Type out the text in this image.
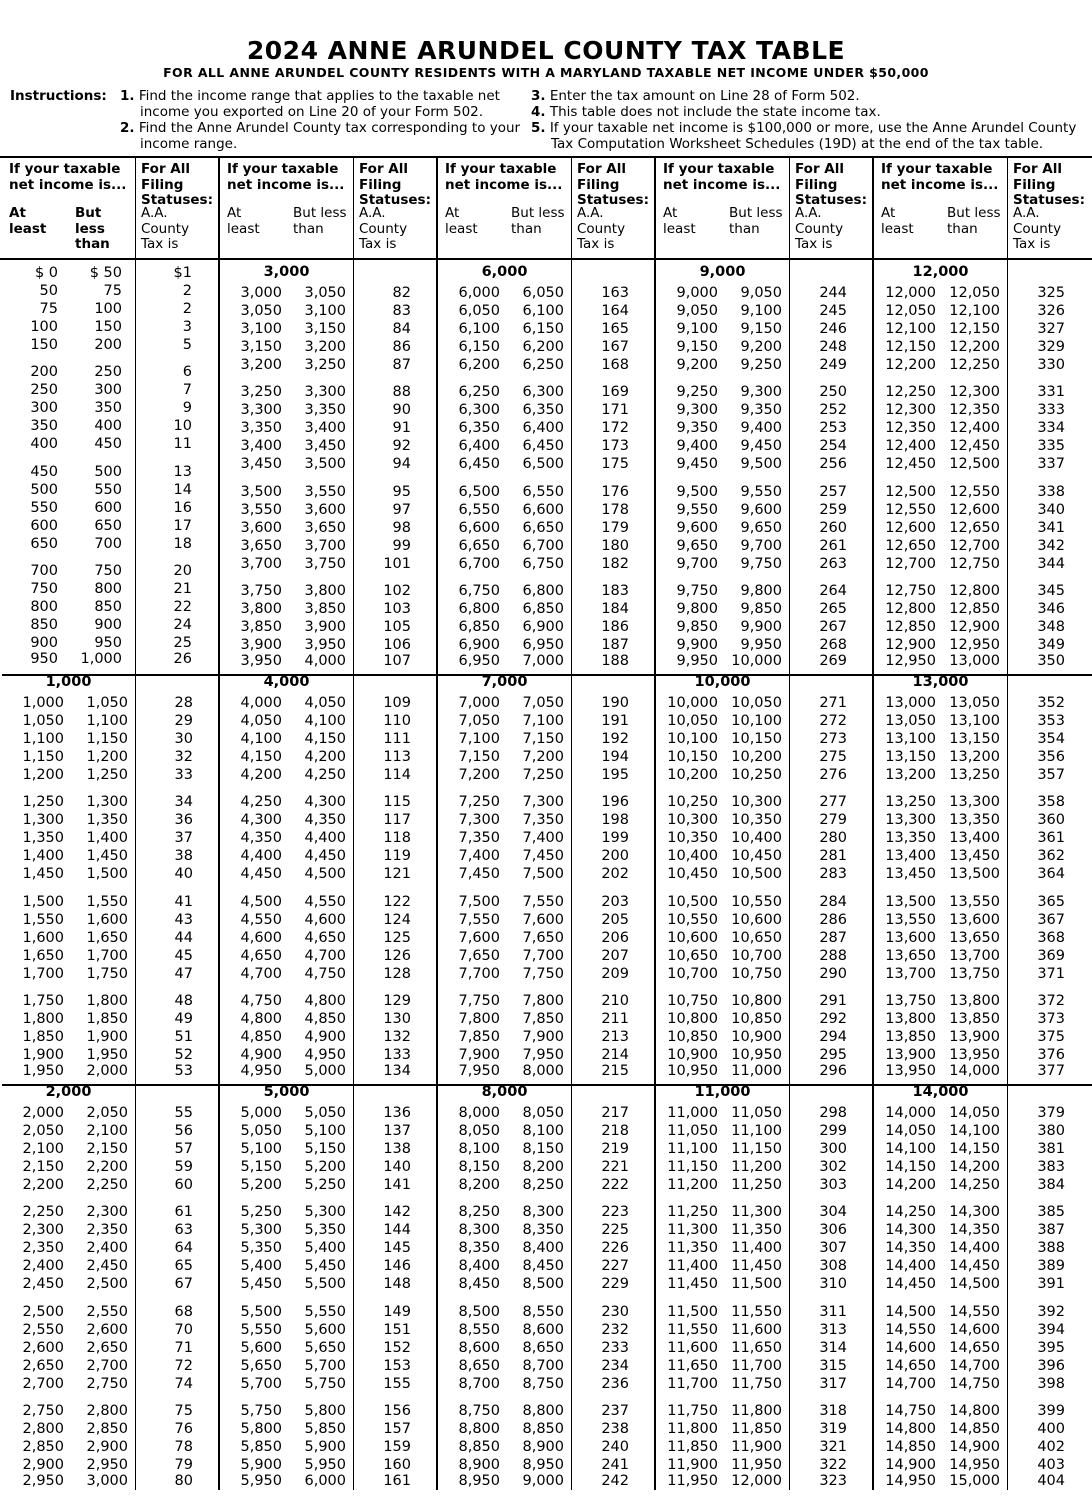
2024 ANNE ARUNDEL COUNTY TAX TABLE
FOR ALL ANNE ARUNDEL COUNTY RESIDENTS WITH A MARYLAND TAXABLE NET INCOME UNDER $50,000
Instructions: 1. Find the income range that applies to the taxable net income you exported on Line 20 of your Form 502.
2. Find the Anne Arundel County tax corresponding to your income range.
3. Enter the tax amount on Line 28 of Form 502.
4. This table does not include the state income tax.
5. If your taxable net income is $100,000 or more, use the Anne Arundel County Tax Computation Worksheet Schedules (19D) at the end of the tax table.
If your taxable net income is...
For All Filing Statuses:
At least
But less than
A.A. County Tax is
If your taxable net income is...
For All Filing Statuses:
At least
But less than
A.A. County Tax is
If your taxable net income is...
For All Filing Statuses:
At least
But less than
A.A. County Tax is
If your taxable net income is...
For All Filing Statuses:
At least
But less than
A.A. County Tax is
If your taxable net income is...
For All Filing Statuses:
At least
But less than
A.A. County Tax is
$ 0	$ 50	$1
50	75	2
75	100	2
100	150	3
150	200	5
200	250	6
250	300	7
300	350	9
350	400	10
400	450	11
450	500	13
500	550	14
550	600	16
600	650	17
650	700	18
700	750	20
750	800	21
800	850	22
850	900	24
900	950	25
950	1,000	26
3,000
3,000	3,050	82
3,050	3,100	83
3,100	3,150	84
3,150	3,200	86
3,200	3,250	87
3,250	3,300	88
3,300	3,350	90
3,350	3,400	91
3,400	3,450	92
3,450	3,500	94
3,500	3,550	95
3,550	3,600	97
3,600	3,650	98
3,650	3,700	99
3,700	3,750	101
3,750	3,800	102
3,800	3,850	103
3,850	3,900	105
3,900	3,950	106
3,950	4,000	107
6,000
6,000	6,050	163
6,050	6,100	164
6,100	6,150	165
6,150	6,200	167
6,200	6,250	168
6,250	6,300	169
6,300	6,350	171
6,350	6,400	172
6,400	6,450	173
6,450	6,500	175
6,500	6,550	176
6,550	6,600	178
6,600	6,650	179
6,650	6,700	180
6,700	6,750	182
6,750	6,800	183
6,800	6,850	184
6,850	6,900	186
6,900	6,950	187
6,950	7,000	188
9,000
9,000	9,050	244
9,050	9,100	245
9,100	9,150	246
9,150	9,200	248
9,200	9,250	249
9,250	9,300	250
9,300	9,350	252
9,350	9,400	253
9,400	9,450	254
9,450	9,500	256
9,500	9,550	257
9,550	9,600	259
9,600	9,650	260
9,650	9,700	261
9,700	9,750	263
9,750	9,800	264
9,800	9,850	265
9,850	9,900	267
9,900	9,950	268
9,950 10,000	269
12,000
12,000 12,050	325
12,050 12,100	326
12,100 12,150	327
12,150 12,200	329
12,200 12,250	330
12,250 12,300	331
12,300 12,350	333
12,350 12,400	334
12,400 12,450	335
12,450 12,500	337
12,500 12,550	338
12,550 12,600	340
12,600 12,650	341
12,650 12,700	342
12,700 12,750	344
12,750 12,800	345
12,800 12,850	346
12,850 12,900	348
12,900 12,950	349
12,950 13,000	350
1,000
1,000	1,050	28
1,050	1,100	29
1,100	1,150	30
1,150	1,200	32
1,200	1,250	33
1,250	1,300	34
1,300	1,350	36
1,350	1,400	37
1,400	1,450	38
1,450	1,500	40
1,500	1,550	41
1,550	1,600	43
1,600	1,650	44
1,650	1,700	45
1,700	1,750	47
1,750	1,800	48
1,800	1,850	49
1,850	1,900	51
1,900	1,950	52
1,950	2,000	53
4,000
4,000	4,050	109
4,050	4,100	110
4,100	4,150	111
4,150	4,200	113
4,200	4,250	114
4,250	4,300	115
4,300	4,350	117
4,350	4,400	118
4,400	4,450	119
4,450	4,500	121
4,500	4,550	122
4,550	4,600	124
4,600	4,650	125
4,650	4,700	126
4,700	4,750	128
4,750	4,800	129
4,800	4,850	130
4,850	4,900	132
4,900	4,950	133
4,950	5,000	134
7,000
7,000	7,050	190
7,050	7,100	191
7,100	7,150	192
7,150	7,200	194
7,200	7,250	195
7,250	7,300	196
7,300	7,350	198
7,350	7,400	199
7,400	7,450	200
7,450	7,500	202
7,500	7,550	203
7,550	7,600	205
7,600	7,650	206
7,650	7,700	207
7,700	7,750	209
7,750	7,800	210
7,800	7,850	211
7,850	7,900	213
7,900	7,950	214
7,950	8,000	215
10,000
10,000 10,050	271
10,050 10,100	272
10,100 10,150	273
10,150 10,200	275
10,200 10,250	276
10,250 10,300	277
10,300 10,350	279
10,350 10,400	280
10,400 10,450	281
10,450 10,500	283
10,500 10,550	284
10,550 10,600	286
10,600 10,650	287
10,650 10,700	288
10,700 10,750	290
10,750 10,800	291
10,800 10,850	292
10,850 10,900	294
10,900 10,950	295
10,950 11,000	296
13,000
13,000 13,050	352
13,050 13,100	353
13,100 13,150	354
13,150 13,200	356
13,200 13,250	357
13,250 13,300	358
13,300 13,350	360
13,350 13,400	361
13,400 13,450	362
13,450 13,500	364
13,500 13,550	365
13,550 13,600	367
13,600 13,650	368
13,650 13,700	369
13,700 13,750	371
13,750 13,800	372
13,800 13,850	373
13,850 13,900	375
13,900 13,950	376
13,950 14,000	377
2,000
2,000	2,050	55
2,050	2,100	56
2,100	2,150	57
2,150	2,200	59
2,200	2,250	60
2,250	2,300	61
2,300	2,350	63
2,350	2,400	64
2,400	2,450	65
2,450	2,500	67
2,500	2,550	68
2,550	2,600	70
2,600	2,650	71
2,650	2,700	72
2,700	2,750	74
2,750	2,800	75
2,800	2,850	76
2,850	2,900	78
2,900	2,950	79
2,950	3,000	80
5,000
5,000	5,050	136
5,050	5,100	137
5,100	5,150	138
5,150	5,200	140
5,200	5,250	141
5,250	5,300	142
5,300	5,350	144
5,350	5,400	145
5,400	5,450	146
5,450	5,500	148
5,500	5,550	149
5,550	5,600	151
5,600	5,650	152
5,650	5,700	153
5,700	5,750	155
5,750	5,800	156
5,800	5,850	157
5,850	5,900	159
5,900	5,950	160
5,950	6,000	161
8,000
8,000	8,050	217
8,050	8,100	218
8,100	8,150	219
8,150	8,200	221
8,200	8,250	222
8,250	8,300	223
8,300	8,350	225
8,350	8,400	226
8,400	8,450	227
8,450	8,500	229
8,500	8,550	230
8,550	8,600	232
8,600	8,650	233
8,650	8,700	234
8,700	8,750	236
8,750	8,800	237
8,800	8,850	238
8,850	8,900	240
8,900	8,950	241
8,950	9,000	242
11,000
11,000 11,050	298
11,050 11,100	299
11,100 11,150	300
11,150 11,200	302
11,200 11,250	303
11,250 11,300	304
11,300 11,350	306
11,350 11,400	307
11,400 11,450	308
11,450 11,500	310
11,500 11,550	311
11,550 11,600	313
11,600 11,650	314
11,650 11,700	315
11,700 11,750	317
11,750 11,800	318
11,800 11,850	319
11,850 11,900	321
11,900 11,950	322
11,950 12,000	323
14,000
14,000 14,050	379
14,050 14,100	380
14,100 14,150	381
14,150 14,200	383
14,200 14,250	384
14,250 14,300	385
14,300 14,350	387
14,350 14,400	388
14,400 14,450	389
14,450 14,500	391
14,500 14,550	392
14,550 14,600	394
14,600 14,650	395
14,650 14,700	396
14,700 14,750	398
14,750 14,800	399
14,800 14,850	400
14,850 14,900	402
14,900 14,950	403
14,950 15,000	404
